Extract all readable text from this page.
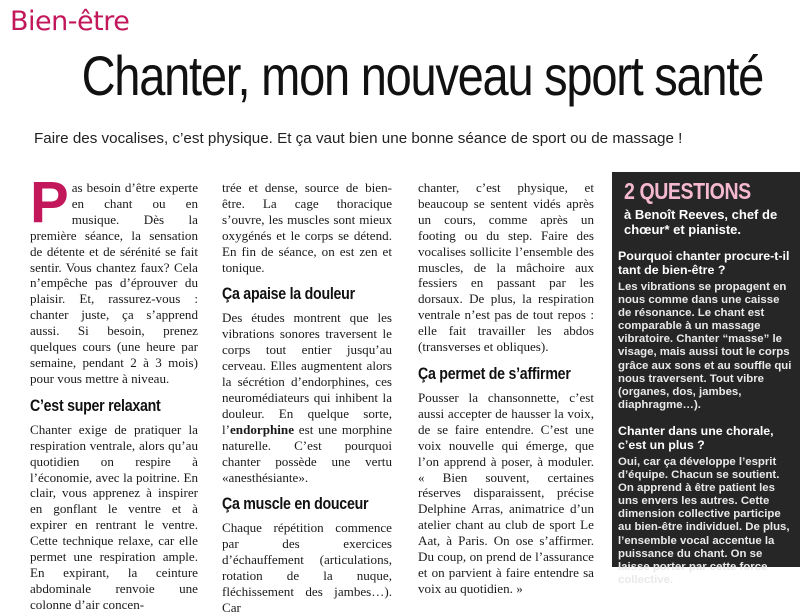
Bien-être
Chanter, mon nouveau sport santé
Faire des vocalises, c’est physique. Et ça vaut bien une bonne séance de sport ou de massage !

P as besoin d’être experte en chant ou en musique. Dès la première séance, la sensation de détente et de sérénité se fait sentir. Vous chantez faux? Cela n’empêche pas d’éprouver du plaisir. Et, rassurez-vous : chanter juste, ça s’apprend aussi. Si besoin, prenez quelques cours (une heure par semaine, pendant 2 à 3 mois) pour vous mettre à niveau.

C’est super relaxant

Chanter exige de pratiquer la respiration ventrale, alors qu’au quotidien on respire à l’économie, avec la poitrine. En clair, vous apprenez à inspirer en gonflant le ventre et à expirer en rentrant le ventre. Cette technique relaxe, car elle permet une respiration ample. En expirant, la ceinture abdominale renvoie une colonne d’air concen-

trée et dense, source de bien-être. La cage thoracique s’ouvre, les muscles sont mieux oxygénés et le corps se détend. En fin de séance, on est zen et tonique.

Ça apaise la douleur

Des études montrent que les vibrations sonores traversent le corps tout entier jusqu’au cerveau. Elles augmentent alors la sécrétion d’endorphines, ces neuromédiateurs qui inhibent la douleur. En quelque sorte, l’endorphine est une morphine naturelle. C’est pourquoi chanter possède une vertu «anesthésiante».

Ça muscle en douceur

Chaque répétition commence par des exercices d’échauffement (articulations, rotation de la nuque, fléchissement des jambes…). Car

chanter, c’est physique, et beaucoup se sentent vidés après un cours, comme après un footing ou du step. Faire des vocalises sollicite l’ensemble des muscles, de la mâchoire aux fessiers en passant par les dorsaux. De plus, la respiration ventrale n’est pas de tout repos : elle fait travailler les abdos (transverses et obliques).

Ça permet de s’affirmer

Pousser la chansonnette, c’est aussi accepter de hausser la voix, de se faire entendre. C’est une voix nouvelle qui émerge, que l’on apprend à poser, à moduler. « Bien souvent, certaines réserves disparaissent, précise Delphine Arras, animatrice d’un atelier chant au club de sport Le Aat, à Paris. On ose s’affirmer. Du coup, on prend de l’assurance et on parvient à faire entendre sa voix au quotidien. »

2 QUESTIONS
à Benoît Reeves, chef de chœur* et pianiste.
Pourquoi chanter procure-t-il tant de bien-être ?
Les vibrations se propagent en nous comme dans une caisse de résonance. Le chant est comparable à un massage vibratoire. Chanter “masse” le visage, mais aussi tout le corps grâce aux sons et au souffle qui nous traversent. Tout vibre (organes, dos, jambes, diaphragme…).
Chanter dans une chorale, c’est un plus ?
Oui, car ça développe l’esprit d’équipe. Chacun se soutient. On apprend à être patient les uns envers les autres. Cette dimension collective participe au bien-être individuel. De plus, l’ensemble vocal accentue la puissance du chant. On se laisse porter par cette force collective.
